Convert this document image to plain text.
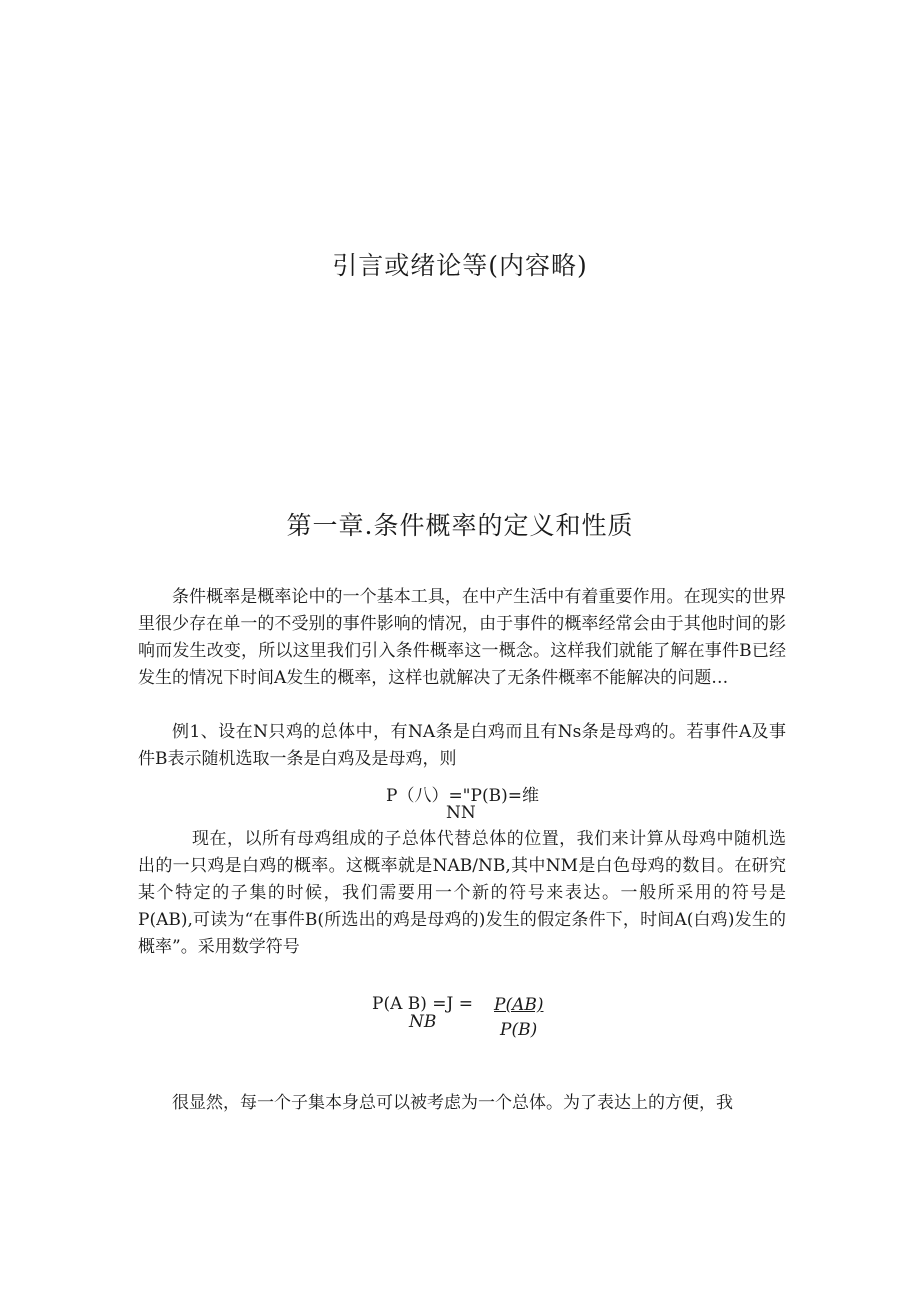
引言或绪论等(内容略)
第一章.条件概率的定义和性质

条件概率是概率论中的一个基本工具，在中产生活中有着重要作用。在现实的世界里很少存在单一的不受别的事件影响的情况，由于事件的概率经常会由于其他时间的影响而发生改变，所以这里我们引入条件概率这一概念。这样我们就能了解在事件B已经发生的情况下时间A发生的概率，这样也就解决了无条件概率不能解决的问题…

例1、设在N只鸡的总体中，有NA条是白鸡而且有Ns条是母鸡的。若事件A及事件B表示随机选取一条是白鸡及是母鸡，则

P（八）="P(B)=维
NN

现在，以所有母鸡组成的子总体代替总体的位置，我们来计算从母鸡中随机选出的一只鸡是白鸡的概率。这概率就是NAB/NB,其中NM是白色母鸡的数目。在研究某个特定的子集的时候，我们需要用一个新的符号来表达。一般所采用的符号是P(AB),可读为“在事件B(所选出的鸡是母鸡的)发生的假定条件下，时间A(白鸡)发生的概率”。采用数学符号

P(A B) =J =
NB
P(AB)
P(B)

很显然，每一个子集本身总可以被考虑为一个总体。为了表达上的方便，我
